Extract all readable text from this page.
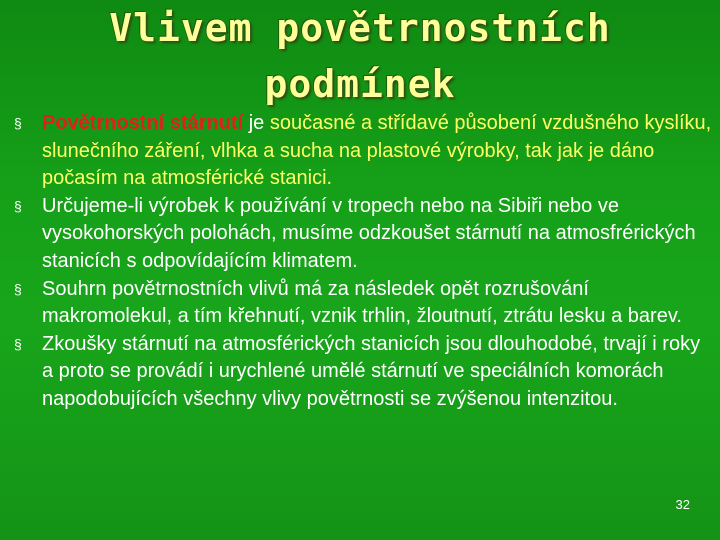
Vlivem povětrnostních
podmínek
§	Povětrnostní stárnutí je současné a střídavé působení vzdušného kyslíku, slunečního záření, vlhka a sucha na plastové výrobky, tak jak je dáno počasím na atmosférické stanici.
§	Určujeme-li výrobek k používání v tropech nebo na Sibiři nebo ve vysokohorských polohách, musíme odzkoušet stárnutí na atmosfrérických stanicích s odpovídajícím klimatem.
§	Souhrn povětrnostních vlivů má za následek opět rozrušování makromolekul, a tím křehnutí, vznik trhlin, žloutnutí, ztrátu lesku a barev.
§	Zkoušky stárnutí na atmosférických stanicích jsou dlouhodobé, trvají i roky a proto se provádí i urychlené umělé stárnutí ve speciálních komorách napodobujících všechny vlivy povětrnosti se zvýšenou intenzitou.
32
